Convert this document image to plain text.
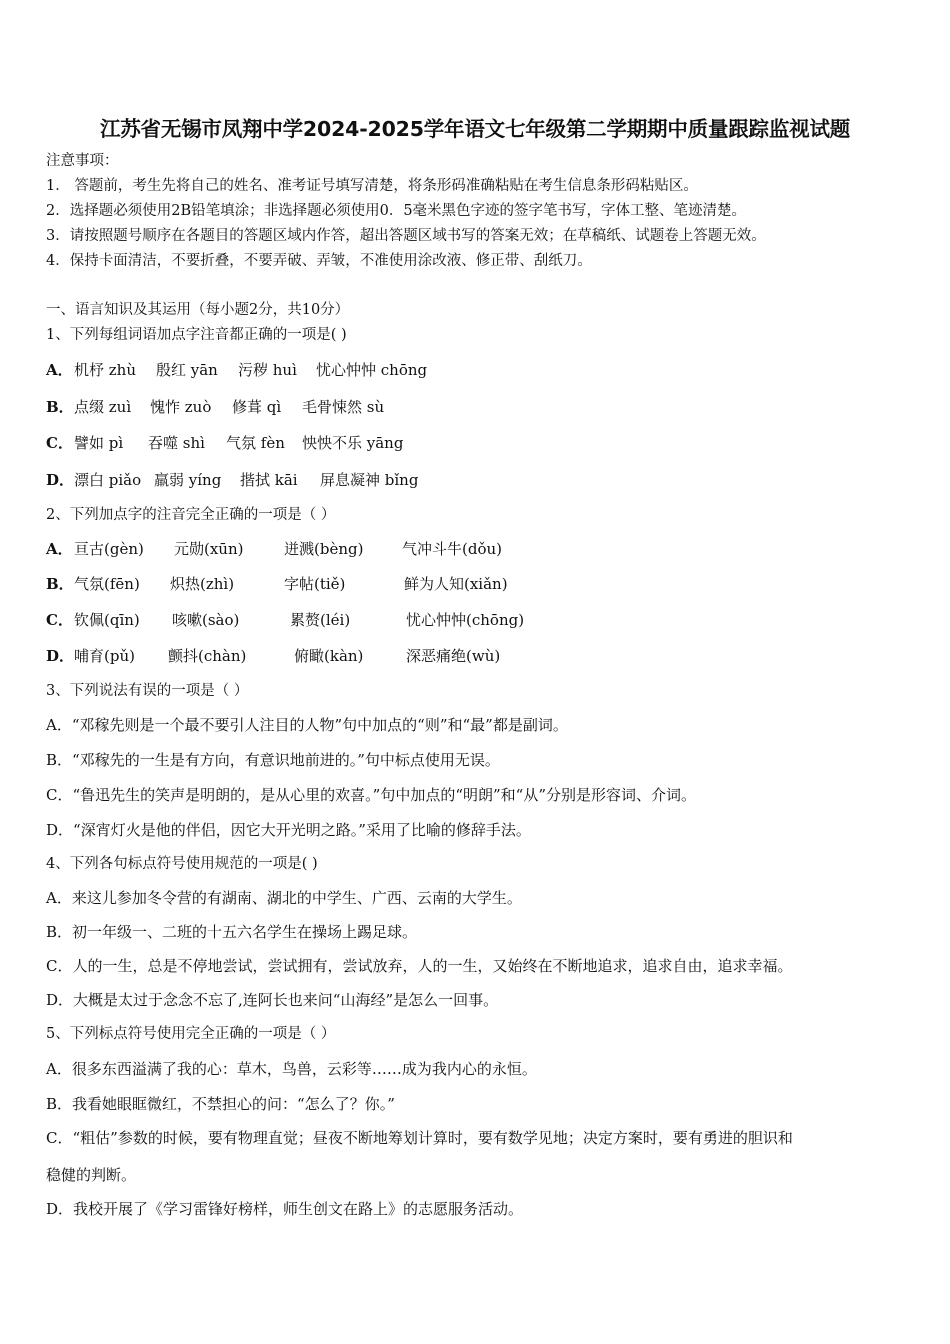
江苏省无锡市凤翔中学2024-2025学年语文七年级第二学期期中质量跟踪监视试题
注意事项：
1． 答题前，考生先将自己的姓名、准考证号填写清楚，将条形码准确粘贴在考生信息条形码粘贴区。
2．选择题必须使用2B铅笔填涂；非选择题必须使用0．5毫米黑色字迹的签字笔书写，字体工整、笔迹清楚。
3．请按照题号顺序在各题目的答题区域内作答，超出答题区域书写的答案无效；在草稿纸、试题卷上答题无效。
4．保持卡面清洁，不要折叠，不要弄破、弄皱，不准使用涂改液、修正带、刮纸刀。
一、语言知识及其运用（每小题2分，共10分）
1、下列每组词语加点字注音都正确的一项是( )
A．机杼 zhù 殷红 yān 污秽 huì 忧心忡忡 chōng
B．点缀 zuì 愧怍 zuò 修葺 qì 毛骨悚然 sù
C．譬如 pì 吞噬 shì 气氛 fèn 怏怏不乐 yāng
D．漂白 piǎo 羸弱 yíng 揩拭 kāi 屏息凝神 bǐng
2、下列加点字的注音完全正确的一项是（ ）
A．亘古(gèn) 元勋(xūn)	迸溅(bèng)	气冲斗牛(dǒu)
B．气氛(fēn) 炽热(zhì)	字帖(tiě)	鲜为人知(xiǎn)
C．钦佩(qīn) 咳嗽(sào)	累赘(léi)	忧心忡忡(chōng)
D．哺育(pǔ) 颤抖(chàn)	俯瞰(kàn)	深恶痛绝(wù)
3、下列说法有误的一项是（ ）
A．“邓稼先则是一个最不要引人注目的人物”句中加点的“则”和“最”都是副词。
B．“邓稼先的一生是有方向，有意识地前进的。”句中标点使用无误。
C．“鲁迅先生的笑声是明朗的，是从心里的欢喜。”句中加点的“明朗”和“从”分别是形容词、介词。
D．“深宵灯火是他的伴侣，因它大开光明之路。”采用了比喻的修辞手法。
4、下列各句标点符号使用规范的一项是( )
A．来这儿参加冬令营的有湖南、湖北的中学生、广西、云南的大学生。
B．初一年级一、二班的十五六名学生在操场上踢足球。
C．人的一生，总是不停地尝试，尝试拥有，尝试放弃，人的一生，又始终在不断地追求，追求自由，追求幸福。
D．大概是太过于念念不忘了,连阿长也来问“山海经”是怎么一回事。
5、下列标点符号使用完全正确的一项是（ ）
A．很多东西溢满了我的心：草木，鸟兽，云彩等……成为我内心的永恒。
B．我看她眼眶微红，不禁担心的问：“怎么了？你。”
C．“粗估”参数的时候，要有物理直觉；昼夜不断地筹划计算时，要有数学见地；决定方案时，要有勇进的胆识和
稳健的判断。
D．我校开展了《学习雷锋好榜样，师生创文在路上》的志愿服务活动。
